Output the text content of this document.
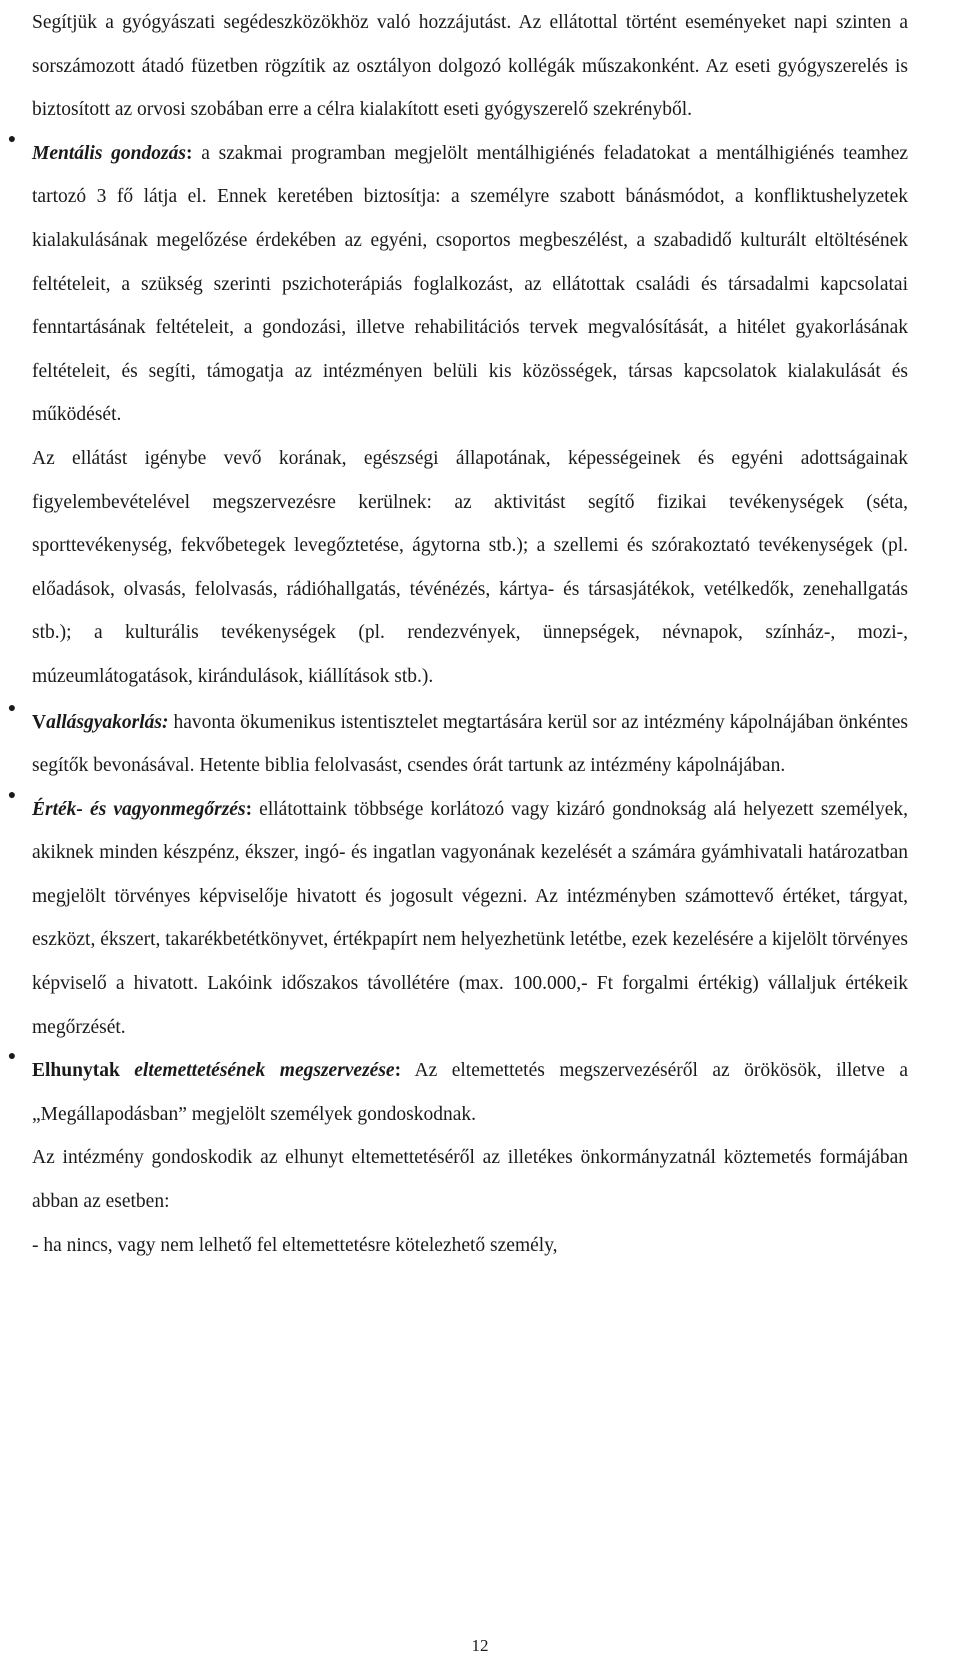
Segítjük a gyógyászati segédeszközökhöz való hozzájutást. Az ellátottal történt eseményeket napi szinten a sorszámozott átadó füzetben rögzítik az osztályon dolgozó kollégák műszakonként. Az eseti gyógyszerelés is biztosított az orvosi szobában erre a célra kialakított eseti gyógyszerelő szekrényből.

●

Mentális gondozás: a szakmai programban megjelölt mentálhigiénés feladatokat a mentálhigiénés teamhez tartozó 3 fő látja el. Ennek keretében biztosítja: a személyre szabott bánásmódot, a konfliktushelyzetek kialakulásának megelőzése érdekében az egyéni, csoportos megbeszélést, a szabadidő kulturált eltöltésének feltételeit, a szükség szerinti pszichoterápiás foglalkozást, az ellátottak családi és társadalmi kapcsolatai fenntartásának feltételeit, a gondozási, illetve rehabilitációs tervek megvalósítását, a hitélet gyakorlásának feltételeit, és segíti, támogatja az intézményen belüli kis közösségek, társas kapcsolatok kialakulását és működését.

Az ellátást igénybe vevő korának, egészségi állapotának, képességeinek és egyéni adottságainak figyelembevételével megszervezésre kerülnek: az aktivitást segítő fizikai tevékenységek (séta, sporttevékenység, fekvőbetegek levegőztetése, ágytorna stb.); a szellemi és szórakoztató tevékenységek (pl. előadások, olvasás, felolvasás, rádióhallgatás, tévénézés, kártya- és társasjátékok, vetélkedők, zenehallgatás stb.); a kulturális tevékenységek (pl. rendezvények, ünnepségek, névnapok, színház-, mozi-, múzeumlátogatások, kirándulások, kiállítások stb.).

●

Vallásgyakorlás: havonta ökumenikus istentisztelet megtartására kerül sor az intézmény kápolnájában önkéntes segítők bevonásával. Hetente biblia felolvasást, csendes órát tartunk az intézmény kápolnájában.

●

Érték- és vagyonmegőrzés: ellátottaink többsége korlátozó vagy kizáró gondnokság alá helyezett személyek, akiknek minden készpénz, ékszer, ingó- és ingatlan vagyonának kezelését a számára gyámhivatali határozatban megjelölt törvényes képviselője hivatott és jogosult végezni. Az intézményben számottevő értéket, tárgyat, eszközt, ékszert, takarékbetétkönyvet, értékpapírt nem helyezhetünk letétbe, ezek kezelésére a kijelölt törvényes képviselő a hivatott. Lakóink időszakos távollétére (max. 100.000,- Ft forgalmi értékig) vállaljuk értékeik megőrzését.

●

Elhunytak eltemettetésének megszervezése: Az eltemettetés megszervezéséről az örökösök, illetve a „Megállapodásban” megjelölt személyek gondoskodnak.

Az intézmény gondoskodik az elhunyt eltemettetéséről az illetékes önkormányzatnál köztemetés formájában abban az esetben:

- ha nincs, vagy nem lelhető fel eltemettetésre kötelezhető személy,

12
